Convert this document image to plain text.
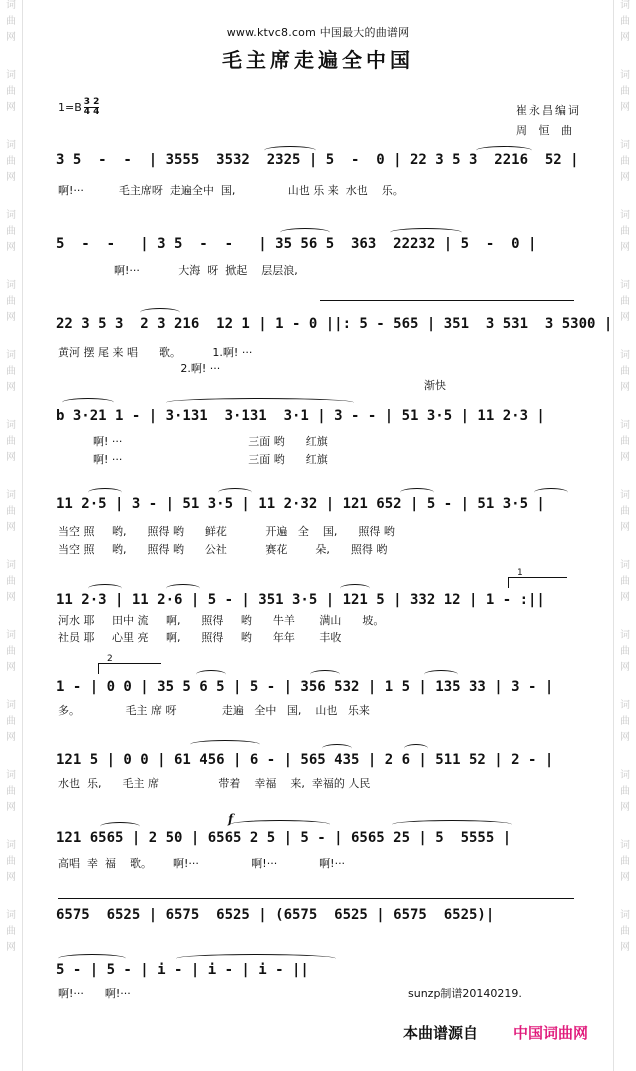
词
曲
网
词
曲
网
词
曲
网
词
曲
网
词
曲
网
词
曲
网
词
曲
网
词
曲
网
词
曲
网
词
曲
网
词
曲
网
词
曲
网
词
曲
网
词
曲
网
词
曲
网
词
曲
网
词
曲
网
词
曲
网
词
曲
网
词
曲
网
词
曲
网
词
曲
网
词
曲
网
词
曲
网
词
曲
网
词
曲
网
词
曲
网
词
曲
网
www.ktvc8.com 中国最大的曲谱网
毛主席走遍全中国
1=B 3 2
4 4	崔永昌编词
周 恒 曲
3 5  -  -  | 3555  3532  2325 | 5  -  0 | 22 3 5 3  2216  52 |
啊!···          毛主席呀  走遍全中  国,               山也 乐 来  水也    乐。
5  -  -   | 3 5  -  -   | 35 56 5  363  22232 | 5  -  0 |
啊!···           大海  呀  掀起    层层浪,
22 3 5 3  2 3 216  12 1 | 1 - 0 ||: 5 - 565 | 351  3 531  3 5300 |
黄河 摆 尾 来 唱      歌。         1.啊! ···
2.啊! ···
渐快
b 3·21 1 - | 3·131  3·131  3·1 | 3 - - | 51 3·5 | 11 2·3 |
啊! ···                                    三面 哟      红旗
啊! ···                                    三面 哟      红旗
11 2·5 | 3 - | 51 3·5 | 11 2·32 | 121 652 | 5 - | 51 3·5 |
当空 照     哟,      照得 哟      鲜花           开遍   全    国,      照得 哟
当空 照     哟,      照得 哟      公社           赛花        朵,      照得 哟
1
11 2·3 | 11 2·6 | 5 - | 351 3·5 | 121 5 | 332 12 | 1 - :||
河水 耶     田中 流     啊,      照得     哟      牛羊       满山      坡。
社员 耶     心里 亮     啊,      照得     哟      年年       丰收
2
1 - | 0 0 | 35 5 6 5 | 5 - | 356 532 | 1 5 | 135 33 | 3 - |
多。             毛主 席 呀             走遍   全中   国,    山也   乐来
121 5 | 0 0 | 61 456 | 6 - | 565 435 | 2 6 | 511 52 | 2 - |
水也  乐,      毛主 席                 带着    幸福    来,  幸福的 人民
f
121 6565 | 2 50 | 6565 2 5 | 5 - | 6565 25 | 5  5555 |
高唱  幸  福    歌。      啊!···               啊!···            啊!···
6575  6525 | 6575  6525 | (6575  6525 | 6575  6525)|
5 - | 5 - | i - | i - | i - ||
啊!···      啊!···	sunzp制谱20140219.
本曲谱源自 中国词曲网
